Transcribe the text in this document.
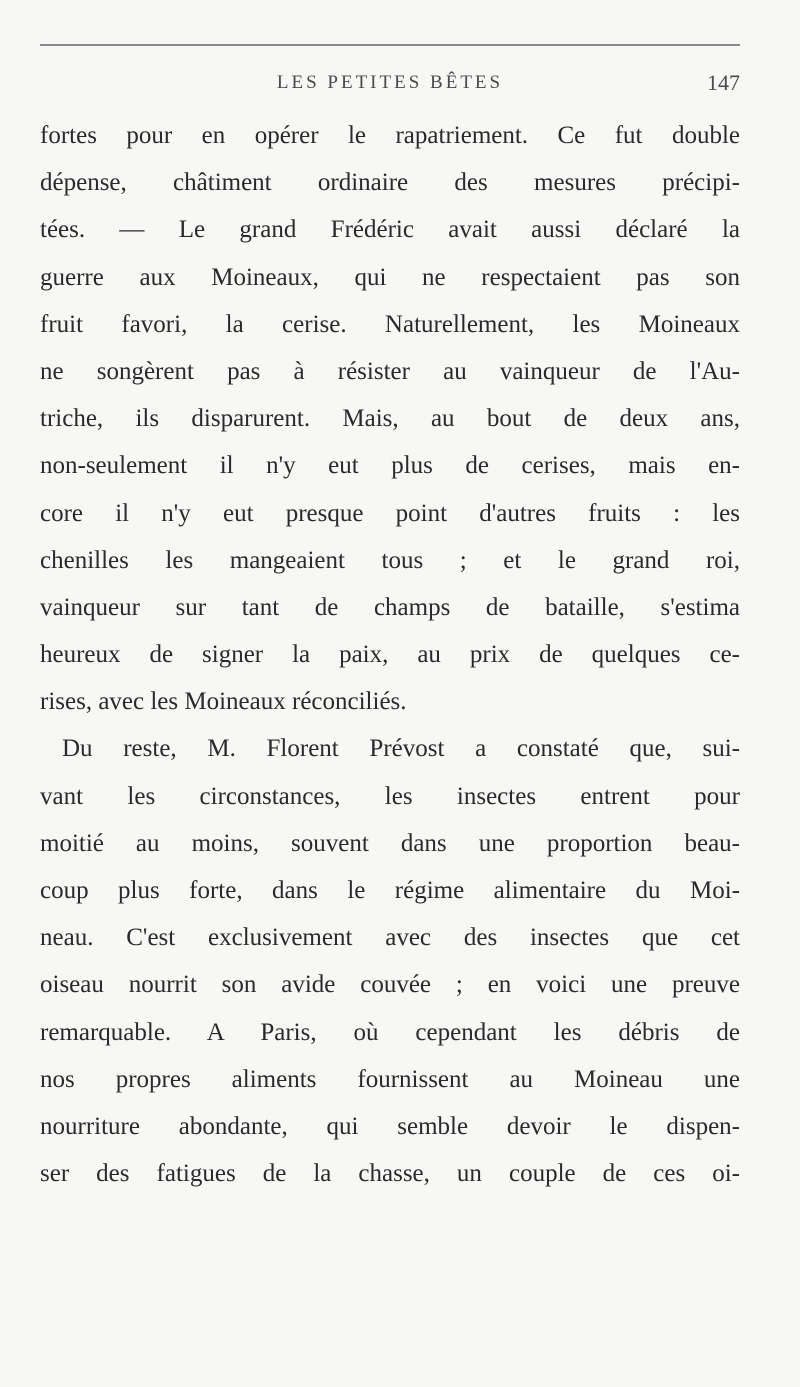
LES PETITES BÊTES	147
fortes pour en opérer le rapatriement. Ce fut double
dépense, châtiment ordinaire des mesures précipi-
tées. — Le grand Frédéric avait aussi déclaré la
guerre aux Moineaux, qui ne respectaient pas son
fruit favori, la cerise. Naturellement, les Moineaux
ne songèrent pas à résister au vainqueur de l'Au-
triche, ils disparurent. Mais, au bout de deux ans,
non-seulement il n'y eut plus de cerises, mais en-
core il n'y eut presque point d'autres fruits : les
chenilles les mangeaient tous ; et le grand roi,
vainqueur sur tant de champs de bataille, s'estima
heureux de signer la paix, au prix de quelques ce-
rises, avec les Moineaux réconciliés.
Du reste, M. Florent Prévost a constaté que, sui-
vant les circonstances, les insectes entrent pour
moitié au moins, souvent dans une proportion beau-
coup plus forte, dans le régime alimentaire du Moi-
neau. C'est exclusivement avec des insectes que cet
oiseau nourrit son avide couvée ; en voici une preuve
remarquable. A Paris, où cependant les débris de
nos propres aliments fournissent au Moineau une
nourriture abondante, qui semble devoir le dispen-
ser des fatigues de la chasse, un couple de ces oi-
